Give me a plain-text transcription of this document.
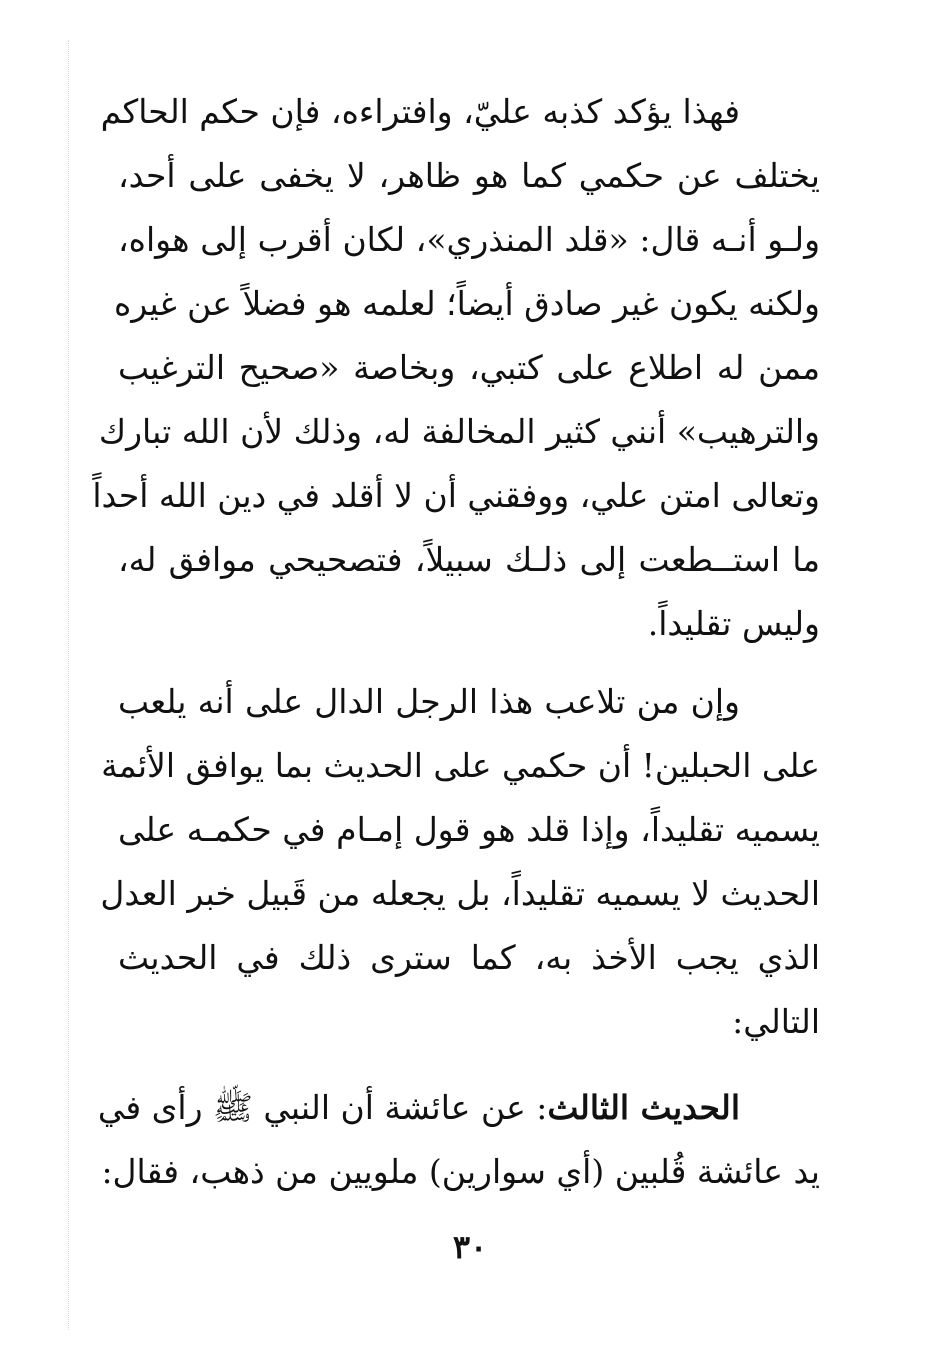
فهذا يؤكد كذبه عليّ، وافتراءه، فإن حكم الحاكم
يختلف عن حكمي كما هو ظاهر، لا يخفى على أحد،
ولـو أنـه قال: «قلد المنذري»، لكان أقرب إلى هواه،
ولكنه يكون غير صادق أيضاً؛ لعلمه هو فضلاً عن غيره
ممن له اطلاع على كتبي، وبخاصة «صحيح الترغيب
والترهيب» أنني كثير المخالفة له، وذلك لأن الله تبارك
وتعالى امتن علي، ووفقني أن لا أقلد في دين الله أحداً
ما استــطعت إلى ذلـك سبيلاً، فتصحيحي موافق له،
وليس تقليداً.
وإن من تلاعب هذا الرجل الدال على أنه يلعب
على الحبلين! أن حكمي على الحديث بما يوافق الأئمة
يسميه تقليداً، وإذا قلد هو قول إمـام في حكمـه على
الحديث لا يسميه تقليداً، بل يجعله من قَبيل خبر العدل
الذي يجب الأخذ به، كما سترى ذلك في الحديث
التالي:
الحديث الثالث: عن عائشة أن النبي ﷺ رأى في
يد عائشة قُلبين (أي سوارين) ملويين من ذهب، فقال:
٣٠
